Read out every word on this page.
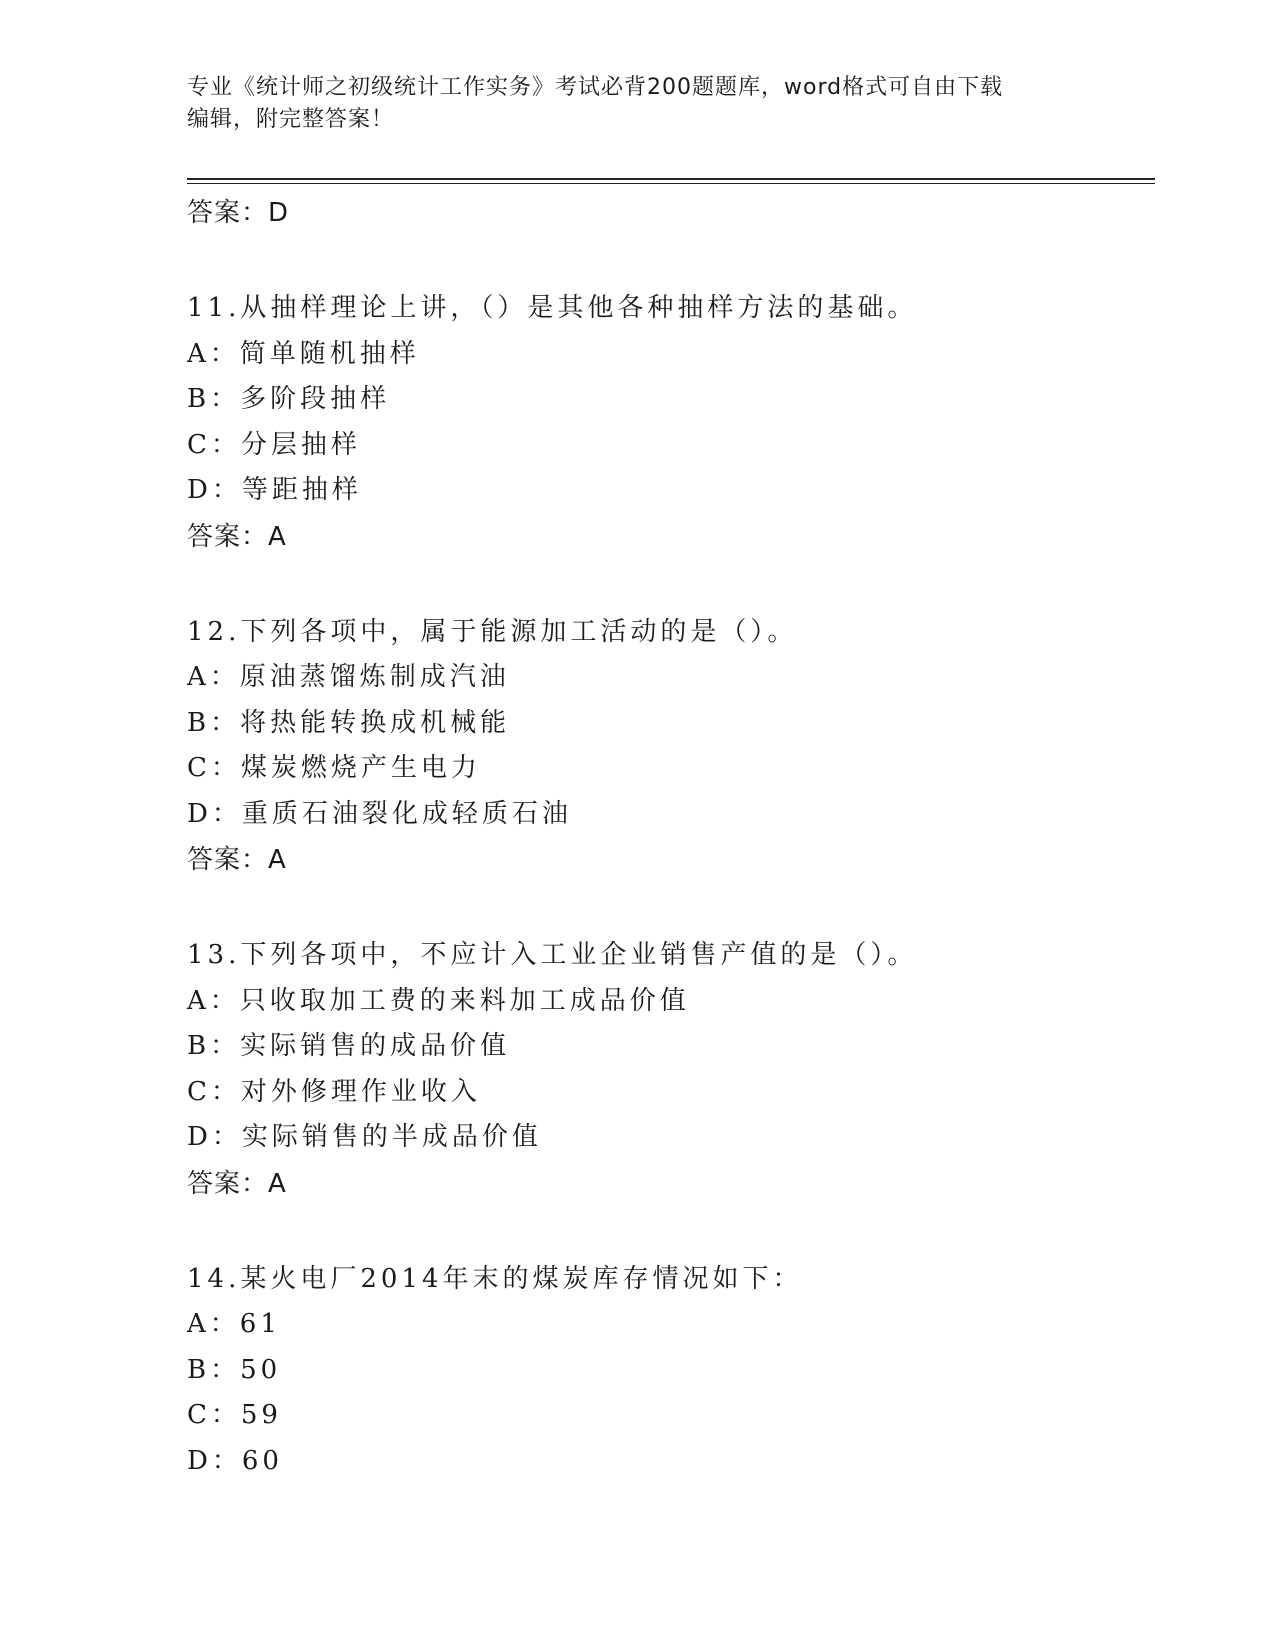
专业《统计师之初级统计工作实务》考试必背200题题库，word格式可自由下载
编辑，附完整答案！
答案：D
11.从抽样理论上讲，（）是其他各种抽样方法的基础。
A：简单随机抽样
B：多阶段抽样
C：分层抽样
D：等距抽样
答案：A
12.下列各项中，属于能源加工活动的是（）。
A：原油蒸馏炼制成汽油
B：将热能转换成机械能
C：煤炭燃烧产生电力
D：重质石油裂化成轻质石油
答案：A
13.下列各项中，不应计入工业企业销售产值的是（）。
A：只收取加工费的来料加工成品价值
B：实际销售的成品价值
C：对外修理作业收入
D：实际销售的半成品价值
答案：A
14.某火电厂2014年末的煤炭库存情况如下：
A：61
B：50
C：59
D：60
